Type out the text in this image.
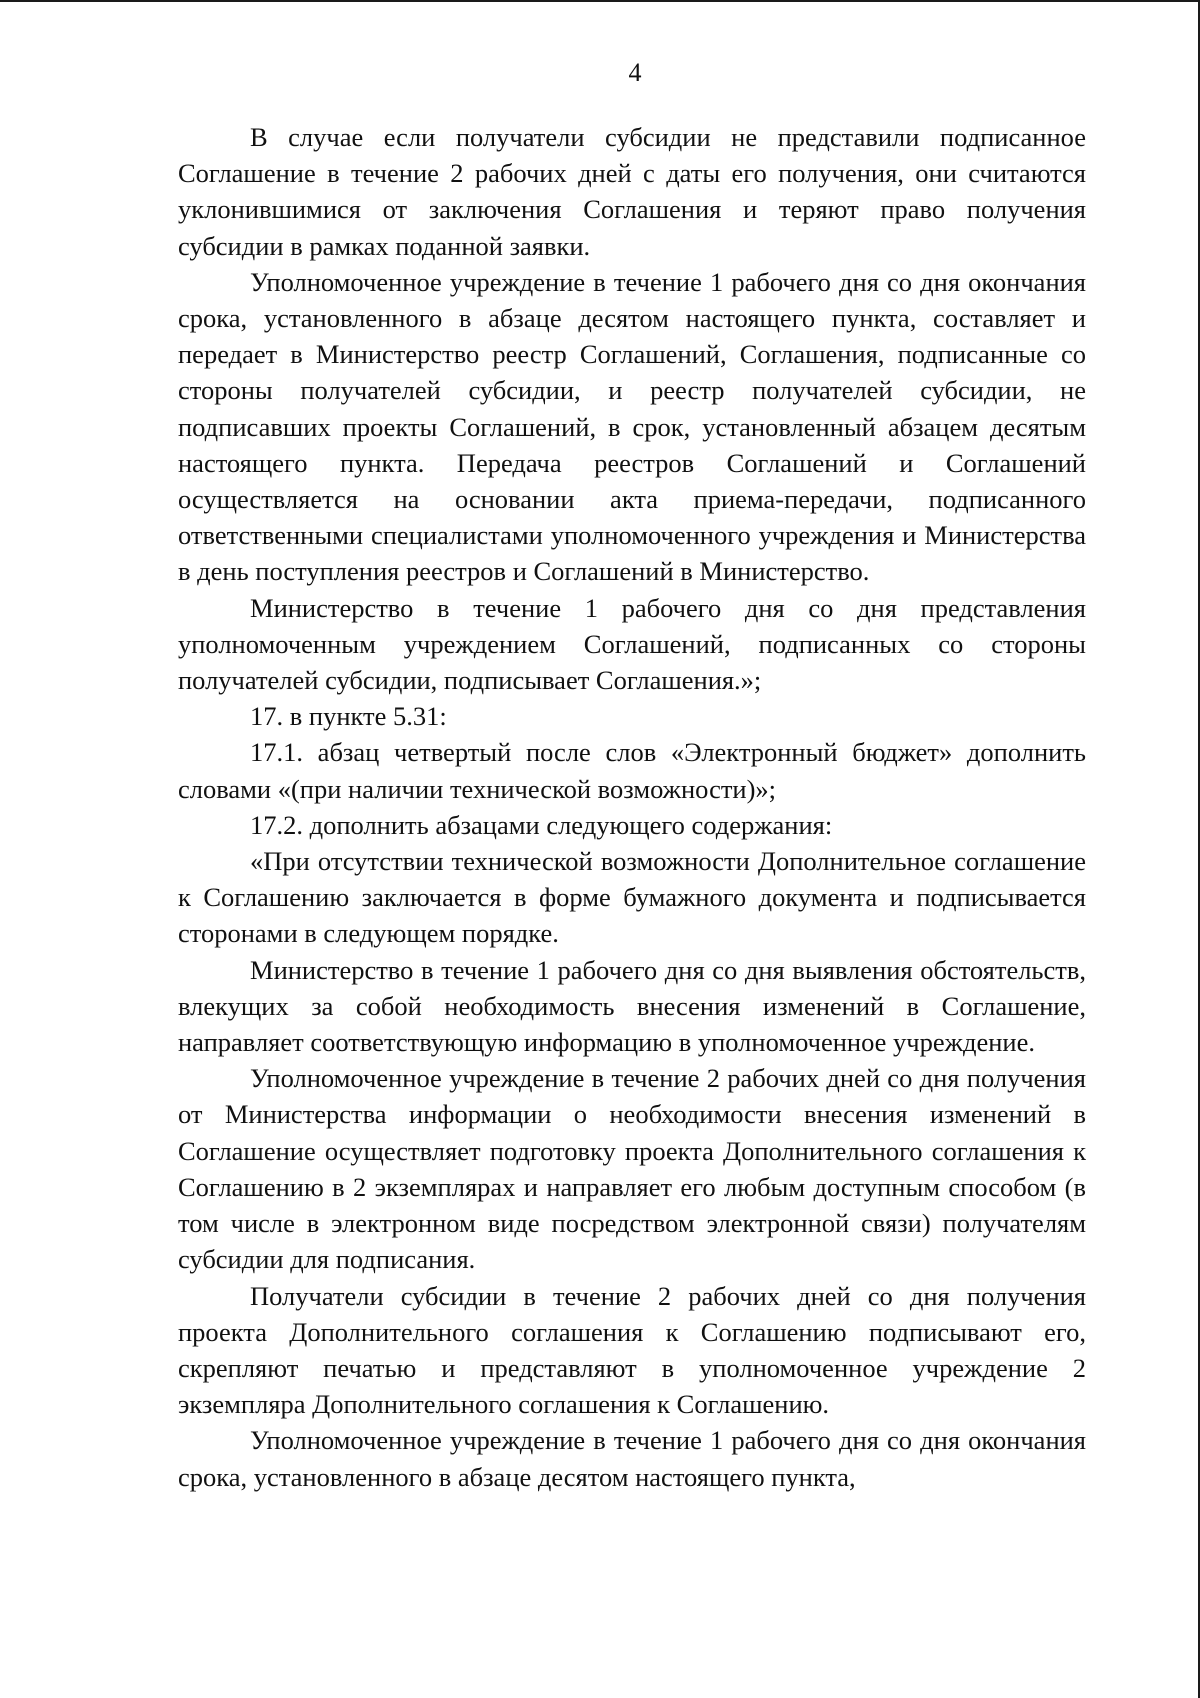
4

В случае если получатели субсидии не представили подписанное Соглашение в течение 2 рабочих дней с даты его получения, они считаются уклонившимися от заключения Соглашения и теряют право получения субсидии в рамках поданной заявки.

Уполномоченное учреждение в течение 1 рабочего дня со дня окончания срока, установленного в абзаце десятом настоящего пункта, составляет и передает в Министерство реестр Соглашений, Соглашения, подписанные со стороны получателей субсидии, и реестр получателей субсидии, не подписавших проекты Соглашений, в срок, установленный абзацем десятым настоящего пункта. Передача реестров Соглашений и Соглашений осуществляется на основании акта приема-передачи, подписанного ответственными специалистами уполномоченного учреждения и Министерства в день поступления реестров и Соглашений в Министерство.

Министерство в течение 1 рабочего дня со дня представления уполномоченным учреждением Соглашений, подписанных со стороны получателей субсидии, подписывает Соглашения.»;

17. в пункте 5.31:

17.1. абзац четвертый после слов «Электронный бюджет» дополнить словами «(при наличии технической возможности)»;

17.2. дополнить абзацами следующего содержания:

«При отсутствии технической возможности Дополнительное соглашение к Соглашению заключается в форме бумажного документа и подписывается сторонами в следующем порядке.

Министерство в течение 1 рабочего дня со дня выявления обстоятельств, влекущих за собой необходимость внесения изменений в Соглашение, направляет соответствующую информацию в уполномоченное учреждение.

Уполномоченное учреждение в течение 2 рабочих дней со дня получения от Министерства информации о необходимости внесения изменений в Соглашение осуществляет подготовку проекта Дополнительного соглашения к Соглашению в 2 экземплярах и направляет его любым доступным способом (в том числе в электронном виде посредством электронной связи) получателям субсидии для подписания.

Получатели субсидии в течение 2 рабочих дней со дня получения проекта Дополнительного соглашения к Соглашению подписывают его, скрепляют печатью и представляют в уполномоченное учреждение 2 экземпляра Дополнительного соглашения к Соглашению.

Уполномоченное учреждение в течение 1 рабочего дня со дня окончания срока, установленного в абзаце десятом настоящего пункта,
